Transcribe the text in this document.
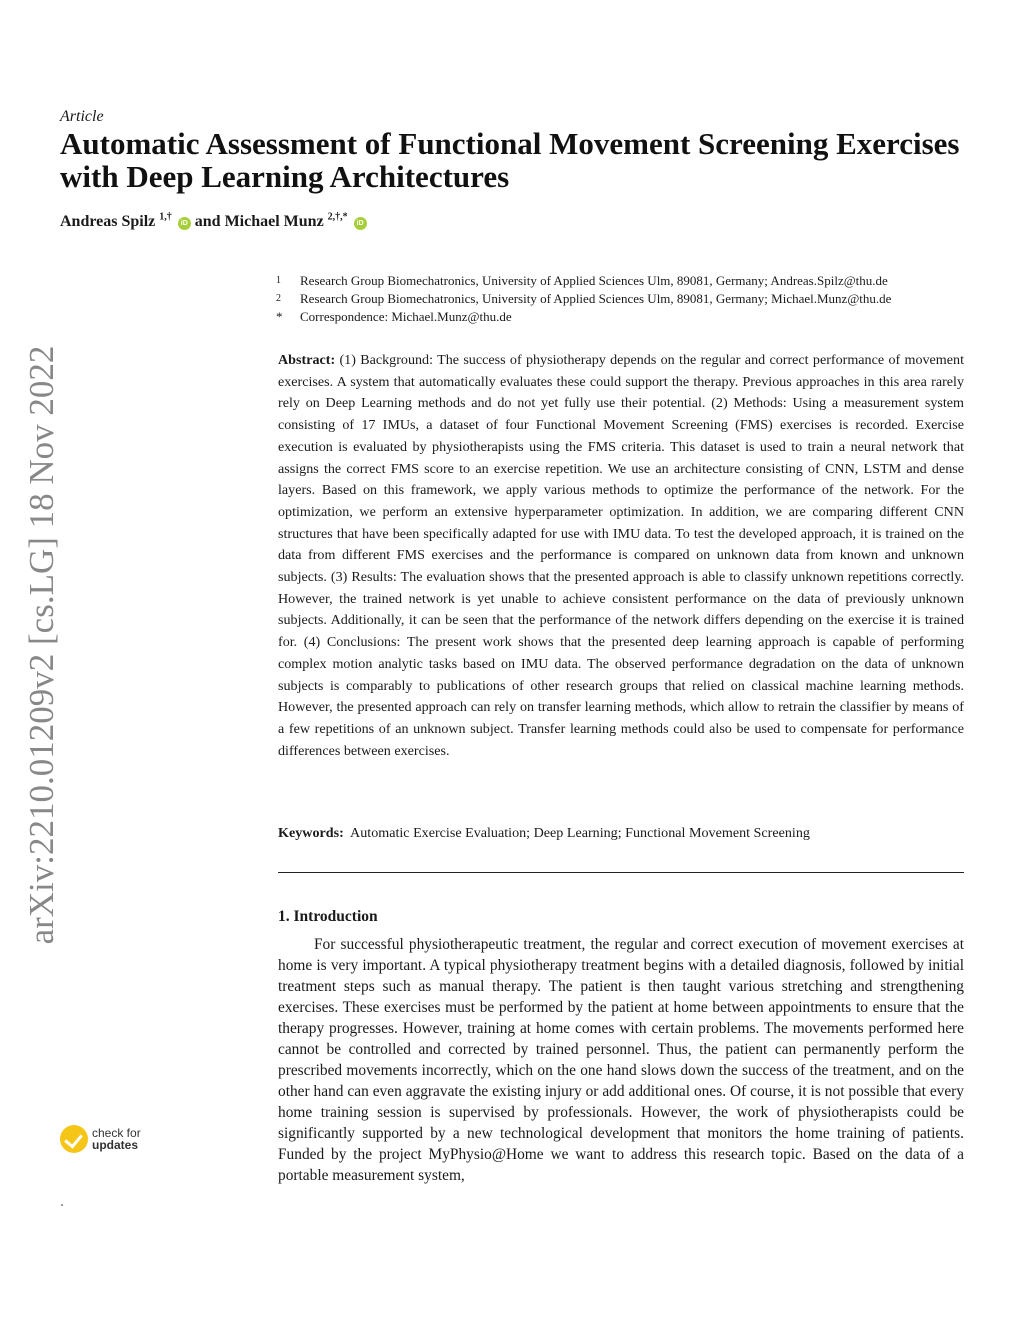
Article
Automatic Assessment of Functional Movement Screening Exercises with Deep Learning Architectures
Andreas Spilz $^{1,\dagger}$ iD and Michael Munz $^{2,\dagger,*}$ iD
1	Research Group Biomechatronics, University of Applied Sciences Ulm, 89081, Germany; Andreas.Spilz@thu.de
2	Research Group Biomechatronics, University of Applied Sciences Ulm, 89081, Germany; Michael.Munz@thu.de
*	Correspondence: Michael.Munz@thu.de

Abstract: (1) Background: The success of physiotherapy depends on the regular and correct performance of movement exercises. A system that automatically evaluates these could support the therapy. Previous approaches in this area rarely rely on Deep Learning methods and do not yet fully use their potential. (2) Methods: Using a measurement system consisting of 17 IMUs, a dataset of four Functional Movement Screening (FMS) exercises is recorded. Exercise execution is evaluated by physiotherapists using the FMS criteria. This dataset is used to train a neural network that assigns the correct FMS score to an exercise repetition. We use an architecture consisting of CNN, LSTM and dense layers. Based on this framework, we apply various methods to optimize the performance of the network. For the optimization, we perform an extensive hyperparameter optimization. In addition, we are comparing different CNN structures that have been specifically adapted for use with IMU data. To test the developed approach, it is trained on the data from different FMS exercises and the performance is compared on unknown data from known and unknown subjects. (3) Results: The evaluation shows that the presented approach is able to classify unknown repetitions correctly. However, the trained network is yet unable to achieve consistent performance on the data of previously unknown subjects. Additionally, it can be seen that the performance of the network differs depending on the exercise it is trained for. (4) Conclusions: The present work shows that the presented deep learning approach is capable of performing complex motion analytic tasks based on IMU data. The observed performance degradation on the data of unknown subjects is comparably to publications of other research groups that relied on classical machine learning methods. However, the presented approach can rely on transfer learning methods, which allow to retrain the classifier by means of a few repetitions of an unknown subject. Transfer learning methods could also be used to compensate for performance differences between exercises.

Keywords: Automatic Exercise Evaluation; Deep Learning; Functional Movement Screening
1. Introduction

For successful physiotherapeutic treatment, the regular and correct execution of movement exercises at home is very important. A typical physiotherapy treatment begins with a detailed diagnosis, followed by initial treatment steps such as manual therapy. The patient is then taught various stretching and strengthening exercises. These exercises must be performed by the patient at home between appointments to ensure that the therapy progresses. However, training at home comes with certain problems. The movements performed here cannot be controlled and corrected by trained personnel. Thus, the patient can permanently perform the prescribed movements incorrectly, which on the one hand slows down the success of the treatment, and on the other hand can even aggravate the existing injury or add additional ones. Of course, it is not possible that every home training session is supervised by professionals. However, the work of physiotherapists could be significantly supported by a new technological development that monitors the home training of patients. Funded by the project MyPhysio@Home we want to address this research topic. Based on the data of a portable measurement system,

arXiv:2210.01209v2 [cs.LG] 18 Nov 2022
check for
updates
